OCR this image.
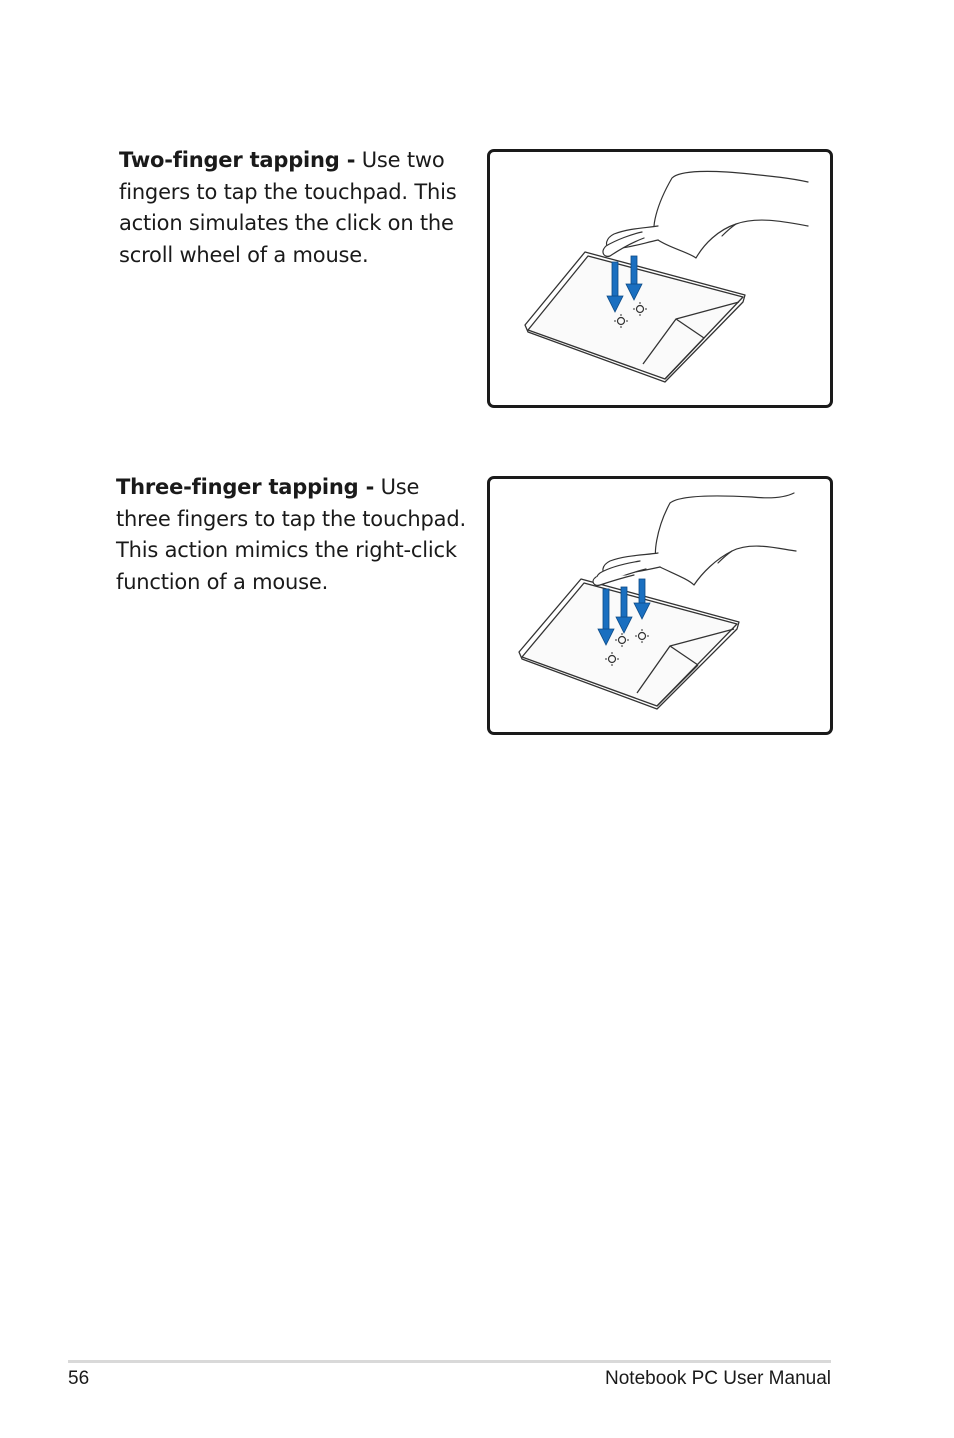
Two-finger tapping - Use two fingers to tap the touchpad. This action simulates the click on the scroll wheel of a mouse.
Three-finger tapping - Use three fingers to tap the touchpad. This action mimics the right-click function of a mouse.
56	Notebook PC User Manual
